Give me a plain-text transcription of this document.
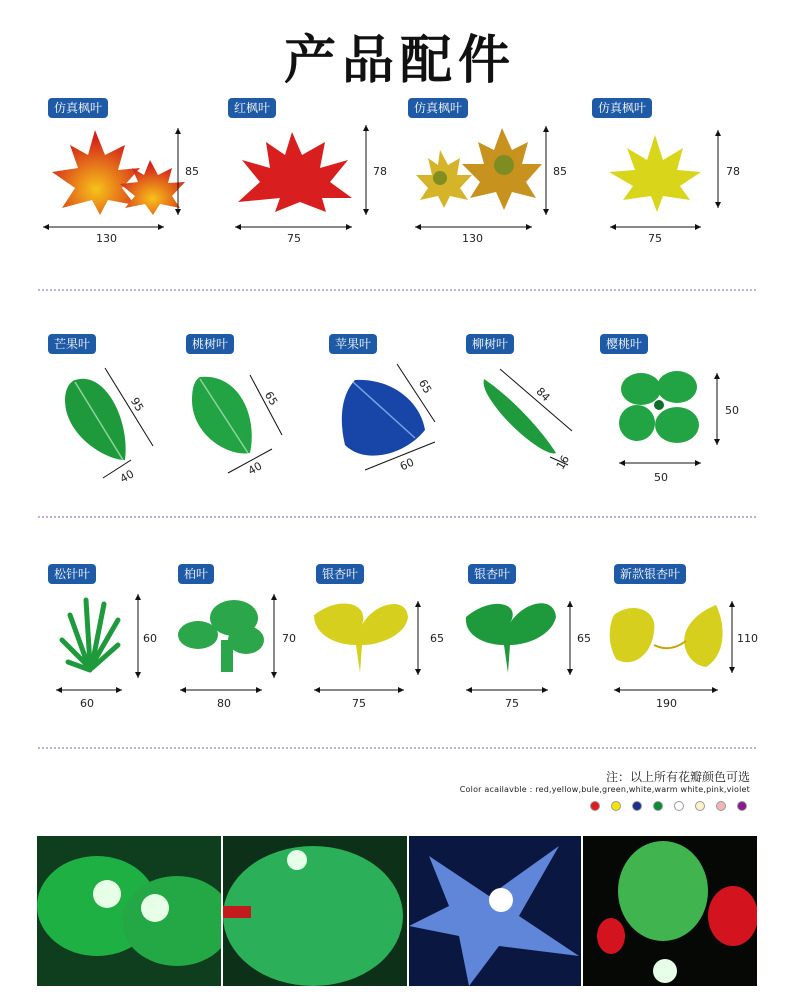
产品配件
仿真枫叶	红枫叶	仿真枫叶	仿真枫叶
130
85
75
78
130
85
75
78
芒果叶	桃树叶	苹果叶	柳树叶	樱桃叶
95
40
65
40
65
60
84
16
50
50
松针叶	柏叶	银杏叶	银杏叶	新款银杏叶
60
60
80
70
75
65
75
65
190
110
注：以上所有花瓣颜色可选
Color acailavble : red,yellow,bule,green,white,warm white,pink,violet
